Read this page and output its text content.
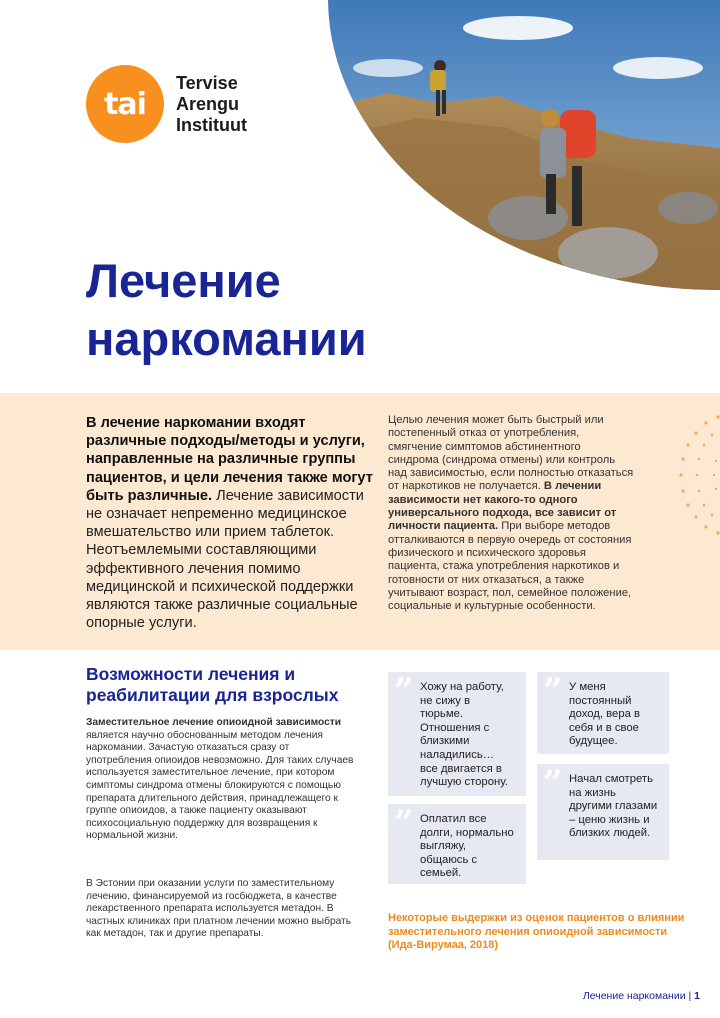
tai
Tervise
Arengu
Instituut
Лечение
наркомании
В лечение наркомании входят различные подходы/методы и услуги, направленные на различные группы пациентов, и цели лечения также могут быть различные. Лечение зависимости не означает непременно медицинское вмешательство или прием таблеток. Неотъемлемыми составляющими эффективного лечения помимо медицинской и психической поддержки являются также различные социальные опорные услуги.
Целью лечения может быть быстрый или постепенный отказ от употребления, смягчение симптомов абстинентного синдрома (синдрома отмены) или контроль над зависимостью, если полностью отказаться от наркотиков не получается. В лечении зависимости нет какого-то одного универсального подхода, все зависит от личности пациента. При выборе методов отталкиваются в первую очередь от состояния физического и психического здоровья пациента, стажа употребления наркотиков и готовности от них отказаться, а также учитывают возраст, пол, семейное положение, социальные и культурные особенности.
Возможности лечения и реабилитации для взрослых

Заместительное лечение опиоидной зависимости является научно обоснованным методом лечения наркомании. Зачастую отказаться сразу от употребления опиоидов невозможно. Для таких случаев используется заместительное лечение, при котором симптомы синдрома отмены блокируются с помощью препарата длительного действия, принадлежащего к группе опиоидов, а также пациенту оказывают психосоциальную поддержку для возвращения к нормальной жизни.

В Эстонии при оказании услуги по заместительному лечению, финансируемой из госбюджета, в качестве лекарственного препарата используется метадон. В частных клиниках при платном лечении можно выбрать как метадон, так и другие препараты.

” Хожу на работу, не сижу в тюрьме. Отношения с близкими наладились… все двигается в лучшую сторону.
” У меня постоянный доход, вера в себя и в свое будущее.
” Начал смотреть на жизнь другими глазами – ценю жизнь и близких людей.
” Оплатил все долги, нормально выгляжу, общаюсь с семьей.

Некоторые выдержки из оценок пациентов о влиянии заместительного лечения опиоидной зависимости (Ида-Вирумаа, 2018)

Лечение наркомании | 1
